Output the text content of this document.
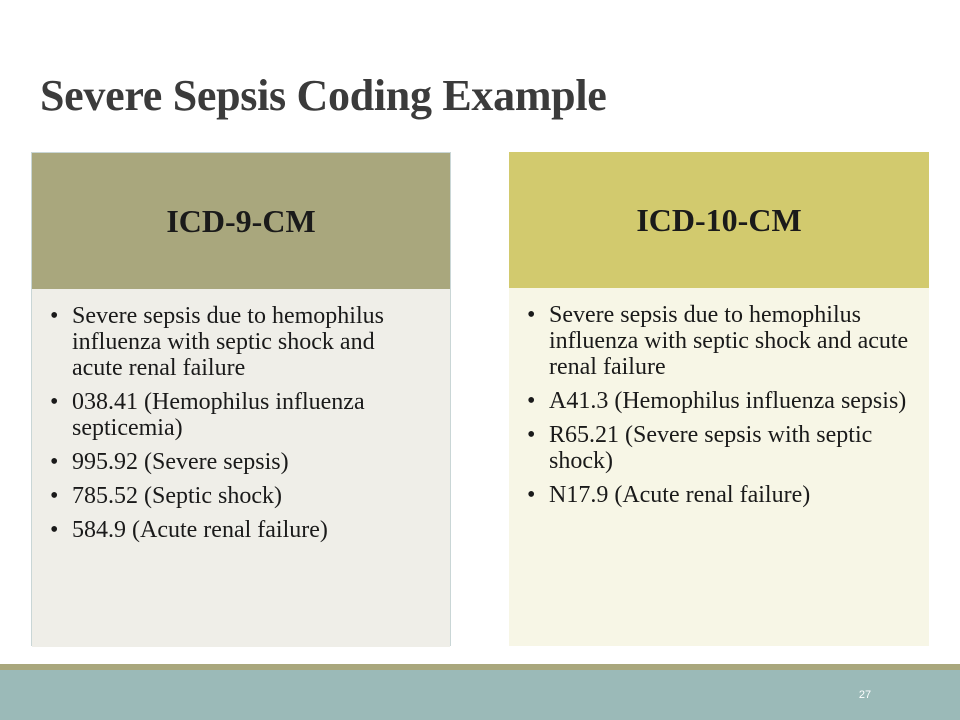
Severe Sepsis Coding Example
ICD-9-CM
• Severe sepsis due to hemophilus influenza with septic shock and acute renal failure
• 038.41 (Hemophilus influenza septicemia)
• 995.92 (Severe sepsis)
• 785.52 (Septic shock)
• 584.9 (Acute renal failure)
ICD-10-CM
• Severe sepsis due to hemophilus influenza with septic shock and acute renal failure
• A41.3 (Hemophilus influenza sepsis)
• R65.21 (Severe sepsis with septic shock)
• N17.9 (Acute renal failure)
27
